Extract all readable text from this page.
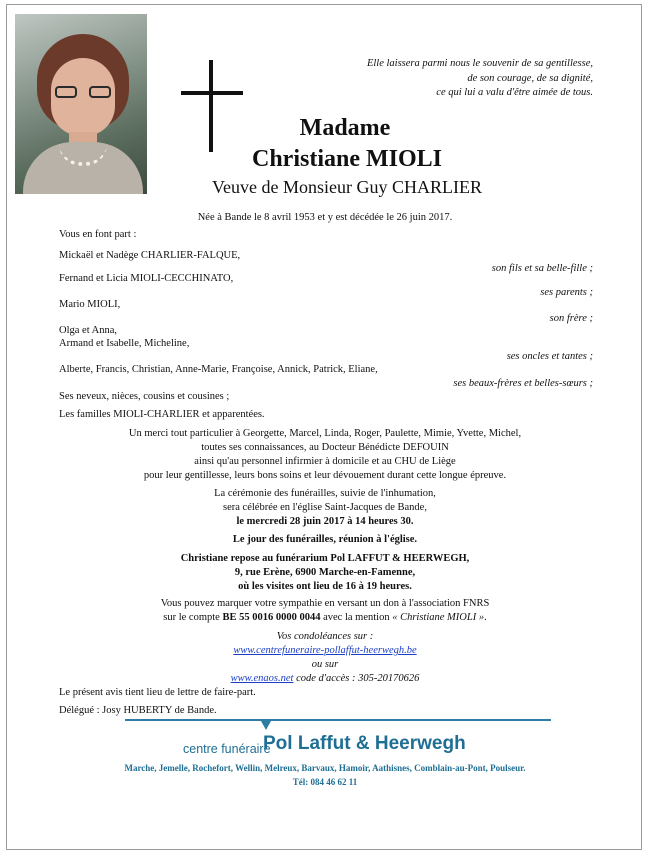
Elle laissera parmi nous le souvenir de sa gentillesse,
de son courage, de sa dignité,
ce qui lui a valu d'être aimée de tous.
Madame
Christiane MIOLI
Veuve de Monsieur Guy CHARLIER
Née à Bande le 8 avril 1953 et y est décédée le 26 juin 2017.
Vous en font part :
Mickaël et Nadège CHARLIER-FALQUE,
son fils et sa belle-fille ;
Fernand et Licia MIOLI-CECCHINATO,
ses parents ;
Mario MIOLI,
son frère ;
Olga et Anna,
Armand et Isabelle, Micheline,
ses oncles et tantes ;
Alberte, Francis, Christian, Anne-Marie, Françoise, Annick, Patrick, Eliane,
ses beaux-frères et belles-sœurs ;
Ses neveux, nièces, cousins et cousines ;
Les familles MIOLI-CHARLIER et apparentées.
Un merci tout particulier à Georgette, Marcel, Linda, Roger, Paulette, Mimie, Yvette, Michel,
toutes ses connaissances, au Docteur Bénédicte DEFOUIN
ainsi qu'au personnel infirmier à domicile et au CHU de Liège
pour leur gentillesse, leurs bons soins et leur dévouement durant cette longue épreuve.
La cérémonie des funérailles, suivie de l'inhumation,
sera célébrée en l'église Saint-Jacques de Bande,
le mercredi 28 juin 2017 à 14 heures 30.
Le jour des funérailles, réunion à l'église.
Christiane repose au funérarium Pol LAFFUT & HEERWEGH,
9, rue Erène, 6900 Marche-en-Famenne,
où les visites ont lieu de 16 à 19 heures.
Vous pouvez marquer votre sympathie en versant un don à l'association FNRS
sur le compte BE 55 0016 0000 0044 avec la mention « Christiane MIOLI ».
Vos condoléances sur :
www.centrefuneraire-pollaffut-heerwegh.be
ou sur
www.enaos.net code d'accès : 305-20170626
Le présent avis tient lieu de lettre de faire-part.
Délégué : Josy HUBERTY de Bande.
centre funéraire
Pol Laffut & Heerwegh
Marche, Jemelle, Rochefort, Wellin, Melreux, Barvaux, Hamoir, Aathisnes, Comblain-au-Pont, Poulseur.
Tél: 084 46 62 11
